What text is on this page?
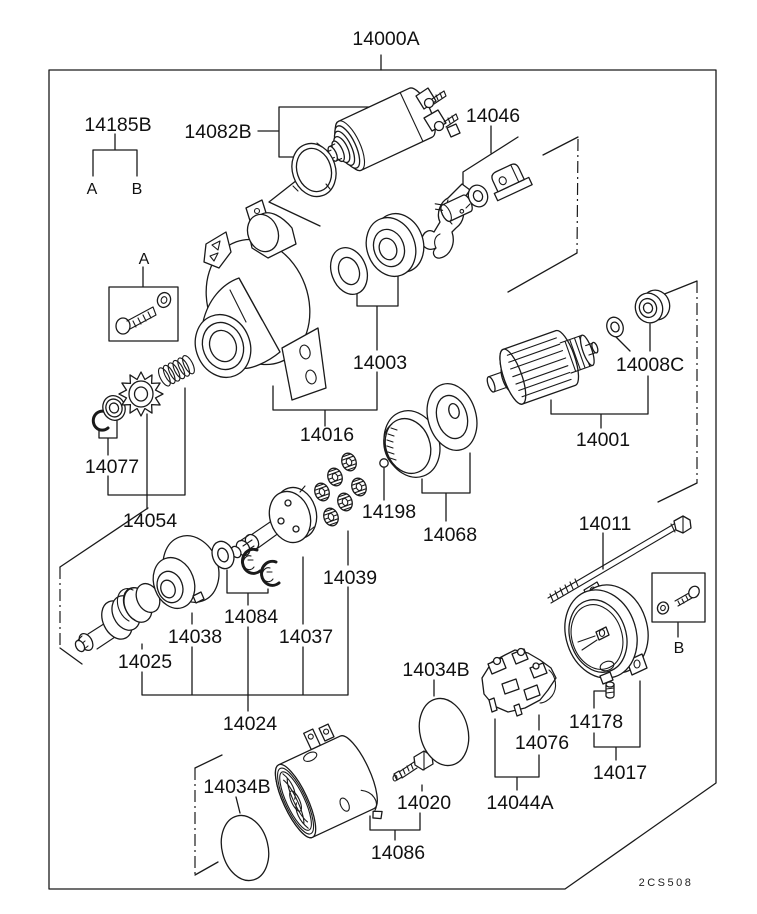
14000A
14185B
A B
14082B
14046
A
14003
14016
14077
14054
14008C
14001
14198
14068	14011
14039
14037
14084
14038
14025
14024
14034B
14034B
14076
14178
14017
14044A
14020
14086
B
2CS508
